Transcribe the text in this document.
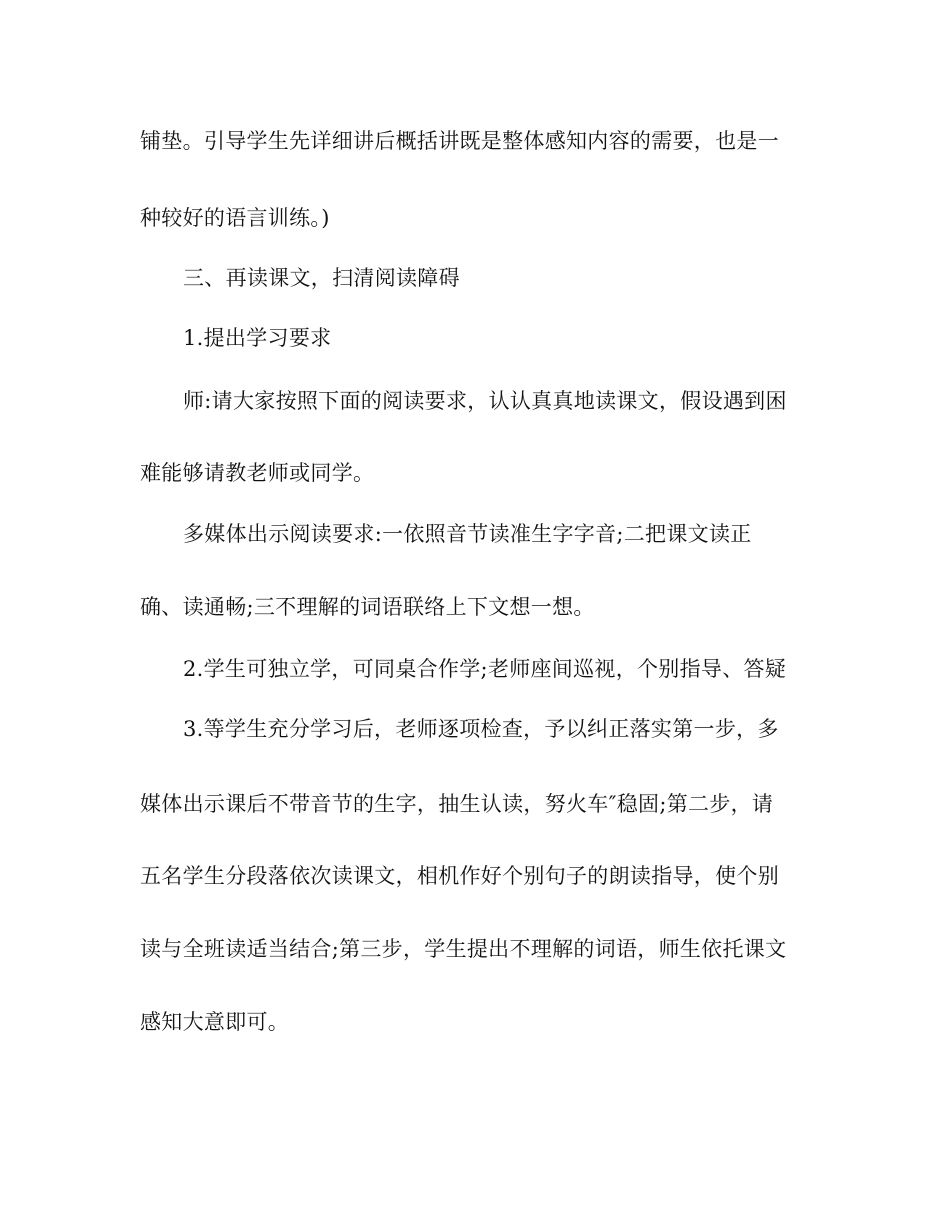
铺垫。引导学生先详细讲后概括讲既是整体感知内容的需要，也是一
种较好的语言训练。)
三、再读课文，扫清阅读障碍
1.提出学习要求
师:请大家按照下面的阅读要求，认认真真地读课文，假设遇到困
难能够请教老师或同学。
多媒体出示阅读要求:一依照音节读准生字字音;二把课文读正
确、读通畅;三不理解的词语联络上下文想一想。
2.学生可独立学，可同桌合作学;老师座间巡视，个别指导、答疑
3.等学生充分学习后，老师逐项检查，予以纠正落实第一步，多
媒体出示课后不带音节的生字，抽生认读，努火车″稳固;第二步，请
五名学生分段落依次读课文，相机作好个别句子的朗读指导，使个别
读与全班读适当结合;第三步，学生提出不理解的词语，师生依托课文
感知大意即可。
